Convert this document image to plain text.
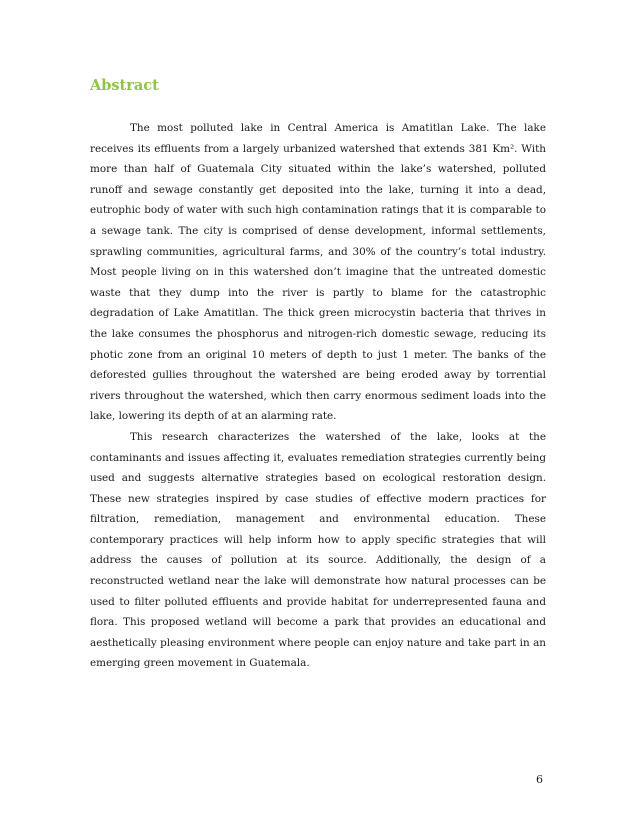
Abstract

The most polluted lake in Central America is Amatitlan Lake. The lake receives its effluents from a largely urbanized watershed that extends 381 Km². With more than half of Guatemala City situated within the lake’s watershed, polluted runoff and sewage constantly get deposited into the lake, turning it into a dead, eutrophic body of water with such high contamination ratings that it is comparable to a sewage tank. The city is comprised of dense development, informal settlements, sprawling communities, agricultural farms, and 30% of the country’s total industry. Most people living on in this watershed don’t imagine that the untreated domestic waste that they dump into the river is partly to blame for the catastrophic degradation of Lake Amatitlan. The thick green microcystin bacteria that thrives in the lake consumes the phosphorus and nitrogen-rich domestic sewage, reducing its photic zone from an original 10 meters of depth to just 1 meter. The banks of the deforested gullies throughout the watershed are being eroded away by torrential rivers throughout the watershed, which then carry enormous sediment loads into the lake, lowering its depth of at an alarming rate.

This research characterizes the watershed of the lake, looks at the contaminants and issues affecting it, evaluates remediation strategies currently being used and suggests alternative strategies based on ecological restoration design. These new strategies inspired by case studies of effective modern practices for filtration, remediation, management and environmental education. These contemporary practices will help inform how to apply specific strategies that will address the causes of pollution at its source. Additionally, the design of a reconstructed wetland near the lake will demonstrate how natural processes can be used to filter polluted effluents and provide habitat for underrepresented fauna and flora. This proposed wetland will become a park that provides an educational and aesthetically pleasing environment where people can enjoy nature and take part in an emerging green movement in Guatemala.

6
